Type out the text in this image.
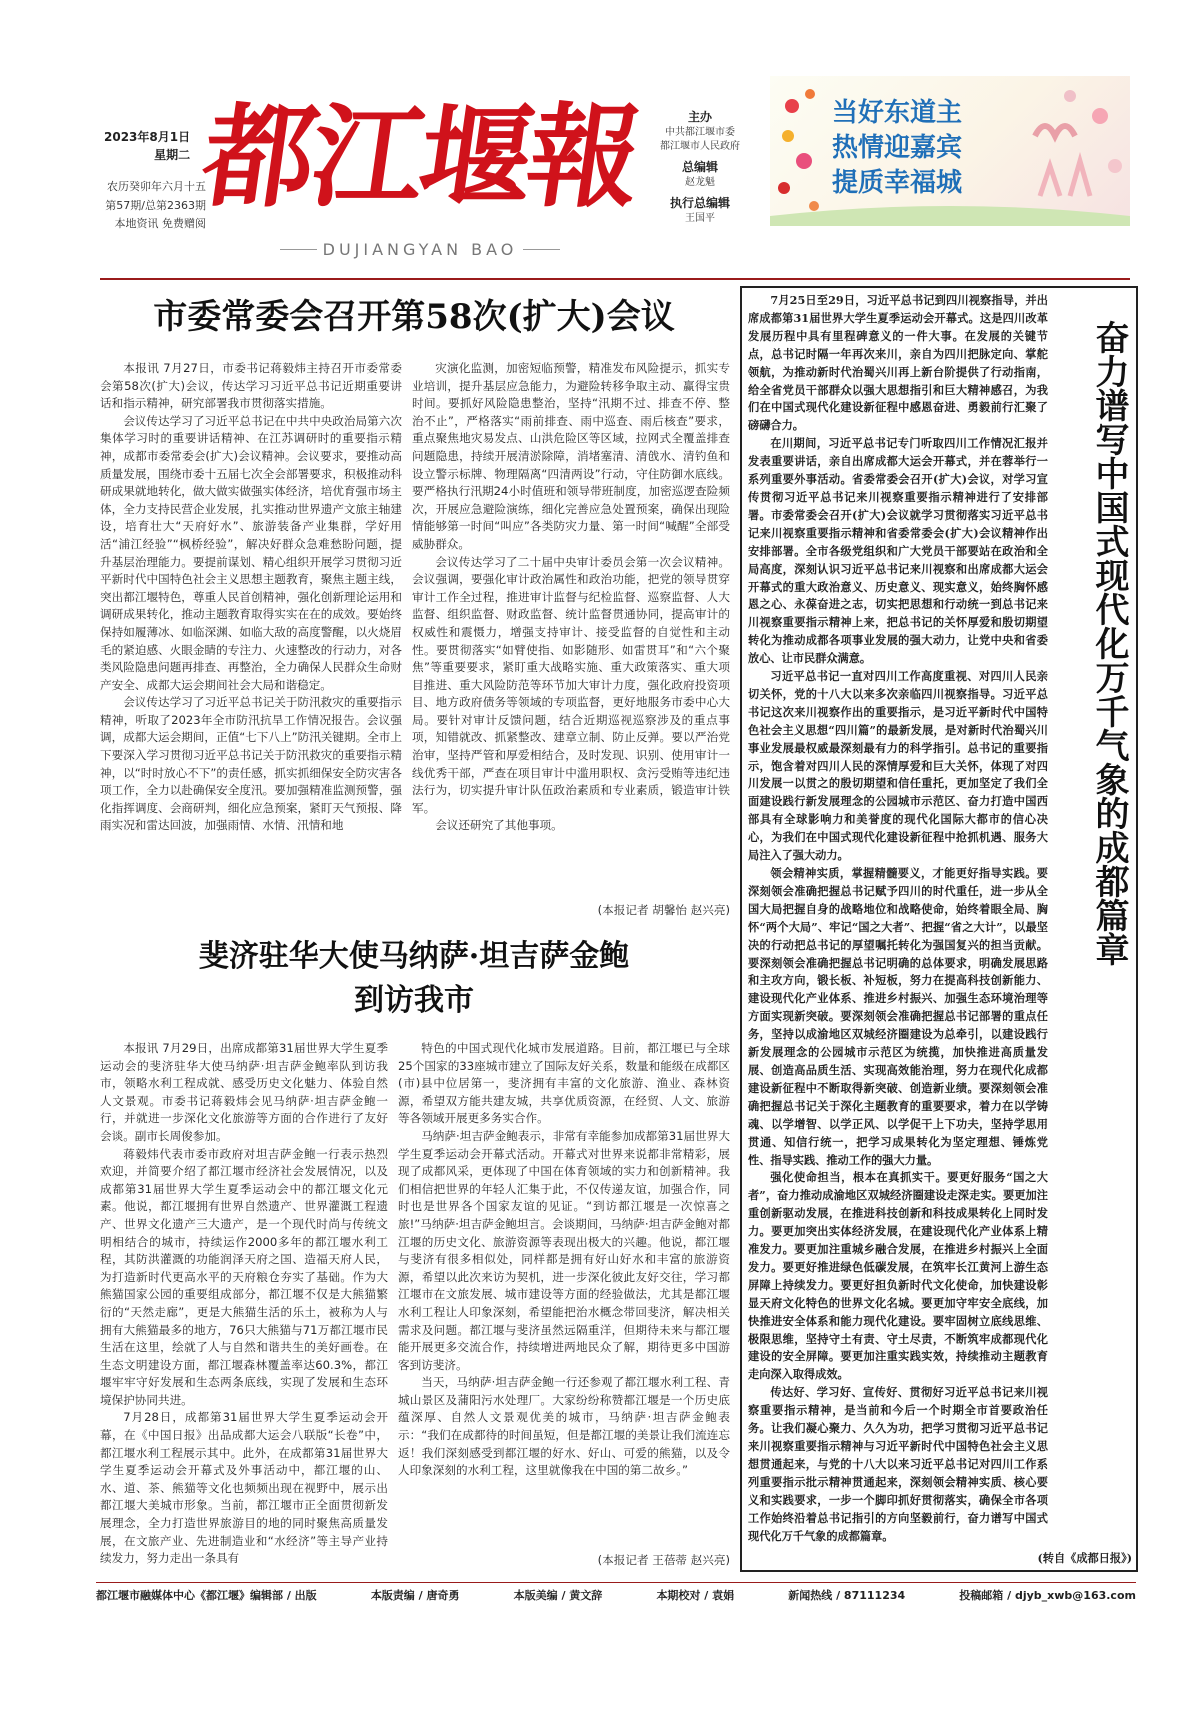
2023年8月1日
星期二
农历癸卯年六月十五
第57期/总第2363期
本地资讯 免费赠阅
都江堰報
DUJIANGYAN BAO
主办
中共都江堰市委
都江堰市人民政府
总编辑
赵龙魁
执行总编辑
王国平
当好东道主
热情迎嘉宾
提质幸福城
市委常委会召开第58次(扩大)会议

本报讯 7月27日，市委书记蒋毅炜主持召开市委常委会第58次(扩大)会议，传达学习习近平总书记近期重要讲话和指示精神，研究部署我市贯彻落实措施。

会议传达学习了习近平总书记在中共中央政治局第六次集体学习时的重要讲话精神、在江苏调研时的重要指示精神，成都市委常委会(扩大)会议精神。会议要求，要推动高质量发展，围绕市委十五届七次全会部署要求，积极推动科研成果就地转化，做大做实做强实体经济，培优育强市场主体，全力支持民营企业发展，扎实推动世界遗产文旅主轴建设，培育壮大“天府好水”、旅游装备产业集群，学好用活“浦江经验”“枫桥经验”，解决好群众急难愁盼问题，提升基层治理能力。要提前谋划、精心组织开展学习贯彻习近平新时代中国特色社会主义思想主题教育，聚焦主题主线，突出都江堰特色，尊重人民首创精神，强化创新理论运用和调研成果转化，推动主题教育取得实实在在的成效。要始终保持如履薄冰、如临深渊、如临大敌的高度警醒，以火烧眉毛的紧迫感、火眼金睛的专注力、火速整改的行动力，对各类风险隐患问题再排查、再整治，全力确保人民群众生命财产安全、成都大运会期间社会大局和谐稳定。

会议传达学习了习近平总书记关于防汛救灾的重要指示精神，听取了2023年全市防汛抗旱工作情况报告。会议强调，成都大运会期间，正值“七下八上”防汛关键期。全市上下要深入学习贯彻习近平总书记关于防汛救灾的重要指示精神，以“时时放心不下”的责任感，抓实抓细保安全防灾害各项工作，全力以赴确保安全度汛。要加强精准监测预警，强化指挥调度、会商研判，细化应急预案，紧盯天气预报、降雨实况和雷达回波，加强雨情、水情、汛情和地

灾演化监测，加密短临预警，精准发布风险提示，抓实专业培训，提升基层应急能力，为避险转移争取主动、赢得宝贵时间。要抓好风险隐患整治，坚持“汛期不过、排查不停、整治不止”，严格落实“雨前排查、雨中巡查、雨后核查”要求，重点聚焦地灾易发点、山洪危险区等区域，拉网式全覆盖排查问题隐患，持续开展清淤除障，消堵塞清、清戗水、清钓鱼和设立警示标牌、物理隔离“四清两设”行动，守住防御水底线。要严格执行汛期24小时值班和领导带班制度，加密巡逻查险频次，开展应急避险演练，细化完善应急处置预案，确保出现险情能够第一时间“叫应”各类防灾力量、第一时间“喊醒”全部受威胁群众。

会议传达学习了二十届中央审计委员会第一次会议精神。会议强调，要强化审计政治属性和政治功能，把党的领导贯穿审计工作全过程，推进审计监督与纪检监督、巡察监督、人大监督、组织监督、财政监督、统计监督贯通协同，提高审计的权威性和震慑力，增强支持审计、接受监督的自觉性和主动性。要贯彻落实“如臂使指、如影随形、如雷贯耳”和“六个聚焦”等重要要求，紧盯重大战略实施、重大政策落实、重大项目推进、重大风险防范等环节加大审计力度，强化政府投资项目、地方政府债务等领域的专项监督，更好地服务市委中心大局。要针对审计反馈问题，结合近期巡视巡察涉及的重点事项，知错就改、抓紧整改、建章立制、防止反弹。要以严治党治审，坚持严管和厚爱相结合，及时发现、识别、使用审计一线优秀干部，严查在项目审计中滥用职权、贪污受贿等违纪违法行为，切实提升审计队伍政治素质和专业素质，锻造审计铁军。

会议还研究了其他事项。

(本报记者 胡馨怡 赵兴亮)
斐济驻华大使马纳萨·坦吉萨金鲍
到访我市

本报讯 7月29日，出席成都第31届世界大学生夏季运动会的斐济驻华大使马纳萨·坦吉萨金鲍率队到访我市，领略水利工程成就、感受历史文化魅力、体验自然人文景观。市委书记蒋毅炜会见马纳萨·坦吉萨金鲍一行，并就进一步深化文化旅游等方面的合作进行了友好会谈。副市长周俊参加。

蒋毅炜代表市委市政府对坦吉萨金鲍一行表示热烈欢迎，并简要介绍了都江堰市经济社会发展情况，以及成都第31届世界大学生夏季运动会中的都江堰文化元素。他说，都江堰拥有世界自然遗产、世界灌溉工程遗产、世界文化遗产三大遗产，是一个现代时尚与传统文明相结合的城市，持续运作2000多年的都江堰水利工程，其防洪灌溉的功能润泽天府之国、造福天府人民，为打造新时代更高水平的天府粮仓夯实了基础。作为大熊猫国家公园的重要组成部分，都江堰不仅是大熊猫繁衍的“天然走廊”，更是大熊猫生活的乐土，被称为人与拥有大熊猫最多的地方，76只大熊猫与71万都江堰市民生活在这里，绘就了人与自然和谐共生的美好画卷。在生态文明建设方面，都江堰森林覆盖率达60.3%，都江堰牢牢守好发展和生态两条底线，实现了发展和生态环境保护协同共进。

7月28日，成都第31届世界大学生夏季运动会开幕，在《中国日报》出品成都大运会八联版“长卷”中，都江堰水利工程展示其中。此外，在成都第31届世界大学生夏季运动会开幕式及外事活动中，都江堰的山、水、道、茶、熊猫等文化也频频出现在视野中，展示出都江堰大美城市形象。当前，都江堰市正全面贯彻新发展理念，全力打造世界旅游目的地的同时聚焦高质量发展，在文旅产业、先进制造业和“水经济”等主导产业持续发力，努力走出一条具有

特色的中国式现代化城市发展道路。目前，都江堰已与全球25个国家的33座城市建立了国际友好关系，数量和能级在成都区(市)县中位居第一，斐济拥有丰富的文化旅游、渔业、森林资源，希望双方能共建友城，共享优质资源，在经贸、人文、旅游等各领域开展更多务实合作。

马纳萨·坦吉萨金鲍表示，非常有幸能参加成都第31届世界大学生夏季运动会开幕式活动。开幕式对世界来说都非常精彩，展现了成都风采，更体现了中国在体育领域的实力和创新精神。我们相信把世界的年轻人汇集于此，不仅传递友谊，加强合作，同时也是世界各个国家友谊的见证。“到访都江堰是一次惊喜之旅!”马纳萨·坦吉萨金鲍坦言。会谈期间，马纳萨·坦吉萨金鲍对都江堰的历史文化、旅游资源等表现出极大的兴趣。他说，都江堰与斐济有很多相似处，同样都是拥有好山好水和丰富的旅游资源，希望以此次来访为契机，进一步深化彼此友好交往，学习都江堰市在文旅发展、城市建设等方面的经验做法，尤其是都江堰水利工程让人印象深刻，希望能把治水概念带回斐济，解决相关需求及问题。都江堰与斐济虽然远隔重洋，但期待未来与都江堰能开展更多交流合作，持续增进两地民众了解，期待更多中国游客到访斐济。

当天，马纳萨·坦吉萨金鲍一行还参观了都江堰水利工程、青城山景区及蒲阳污水处理厂。大家纷纷称赞都江堰是一个历史底蕴深厚、自然人文景观优美的城市，马纳萨·坦吉萨金鲍表示：“我们在成都待的时间虽短，但是都江堰的美景让我们流连忘返！我们深刻感受到都江堰的好水、好山、可爱的熊猫，以及令人印象深刻的水利工程，这里就像我在中国的第二故乡。”

(本报记者 王蓓蒂 赵兴亮)

7月25日至29日，习近平总书记到四川视察指导，并出席成都第31届世界大学生夏季运动会开幕式。这是四川改革发展历程中具有里程碑意义的一件大事。在发展的关键节点，总书记时隔一年再次来川，亲自为四川把脉定向、掌舵领航，为推动新时代治蜀兴川再上新台阶提供了行动指南，给全省党员干部群众以强大思想指引和巨大精神感召，为我们在中国式现代化建设新征程中感恩奋进、勇毅前行汇聚了磅礴合力。

在川期间，习近平总书记专门听取四川工作情况汇报并发表重要讲话，亲自出席成都大运会开幕式，并在蓉举行一系列重要外事活动。省委常委会召开(扩大)会议，对学习宣传贯彻习近平总书记来川视察重要指示精神进行了安排部署。市委常委会召开(扩大)会议就学习贯彻落实习近平总书记来川视察重要指示精神和省委常委会(扩大)会议精神作出安排部署。全市各级党组织和广大党员干部要站在政治和全局高度，深刻认识习近平总书记来川视察和出席成都大运会开幕式的重大政治意义、历史意义、现实意义，始终胸怀感恩之心、永葆奋进之志，切实把思想和行动统一到总书记来川视察重要指示精神上来，把总书记的关怀厚爱和殷切期望转化为推动成都各项事业发展的强大动力，让党中央和省委放心、让市民群众满意。

习近平总书记一直对四川工作高度重视、对四川人民亲切关怀，党的十八大以来多次亲临四川视察指导。习近平总书记这次来川视察作出的重要指示，是习近平新时代中国特色社会主义思想“四川篇”的最新发展，是对新时代治蜀兴川事业发展最权威最深刻最有力的科学指引。总书记的重要指示，饱含着对四川人民的深情厚爱和巨大关怀，体现了对四川发展一以贯之的殷切期望和信任重托，更加坚定了我们全面建设践行新发展理念的公园城市示范区、奋力打造中国西部具有全球影响力和美誉度的现代化国际大都市的信心决心，为我们在中国式现代化建设新征程中抢抓机遇、服务大局注入了强大动力。

领会精神实质，掌握精髓要义，才能更好指导实践。要深刻领会准确把握总书记赋予四川的时代重任，进一步从全国大局把握自身的战略地位和战略使命，始终着眼全局、胸怀“两个大局”、牢记“国之大者”、把握“省之大计”，以最坚决的行动把总书记的厚望嘱托转化为强国复兴的担当贡献。要深刻领会准确把握总书记明确的总体要求，明确发展思路和主攻方向，锻长板、补短板，努力在提高科技创新能力、建设现代化产业体系、推进乡村振兴、加强生态环境治理等方面实现新突破。要深刻领会准确把握总书记部署的重点任务，坚持以成渝地区双城经济圈建设为总牵引，以建设践行新发展理念的公园城市示范区为统揽，加快推进高质量发展、创造高品质生活、实现高效能治理，努力在现代化成都建设新征程中不断取得新突破、创造新业绩。要深刻领会准确把握总书记关于深化主题教育的重要要求，着力在以学铸魂、以学增智、以学正风、以学促干上下功夫，坚持学思用贯通、知信行统一，把学习成果转化为坚定理想、锤炼党性、指导实践、推动工作的强大力量。

强化使命担当，根本在真抓实干。要更好服务“国之大者”，奋力推动成渝地区双城经济圈建设走深走实。要更加注重创新驱动发展，在推进科技创新和科技成果转化上同时发力。要更加突出实体经济发展，在建设现代化产业体系上精准发力。要更加注重城乡融合发展，在推进乡村振兴上全面发力。要更好推进绿色低碳发展，在筑牢长江黄河上游生态屏障上持续发力。要更好担负新时代文化使命，加快建设彰显天府文化特色的世界文化名城。要更加守牢安全底线，加快推进安全体系和能力现代化建设。要牢固树立底线思维、极限思维，坚持守土有责、守土尽责，不断筑牢成都现代化建设的安全屏障。要更加注重实践实效，持续推动主题教育走向深入取得成效。

传达好、学习好、宣传好、贯彻好习近平总书记来川视察重要指示精神，是当前和今后一个时期全市首要政治任务。让我们凝心聚力、久久为功，把学习贯彻习近平总书记来川视察重要指示精神与习近平新时代中国特色社会主义思想贯通起来，与党的十八大以来习近平总书记对四川工作系列重要指示批示精神贯通起来，深刻领会精神实质、核心要义和实践要求，一步一个脚印抓好贯彻落实，确保全市各项工作始终沿着总书记指引的方向坚毅前行，奋力谱写中国式现代化万千气象的成都篇章。

(转自《成都日报》)
奋力谱写中国式现代化万千气象的成都篇章
都江堰市融媒体中心《都江堰》编辑部 / 出版	本版责编 / 唐奇勇	本版美编 / 黄文辞	本期校对 / 袁娟	新闻热线 / 87111234	投稿邮箱 / djyb_xwb@163.com
